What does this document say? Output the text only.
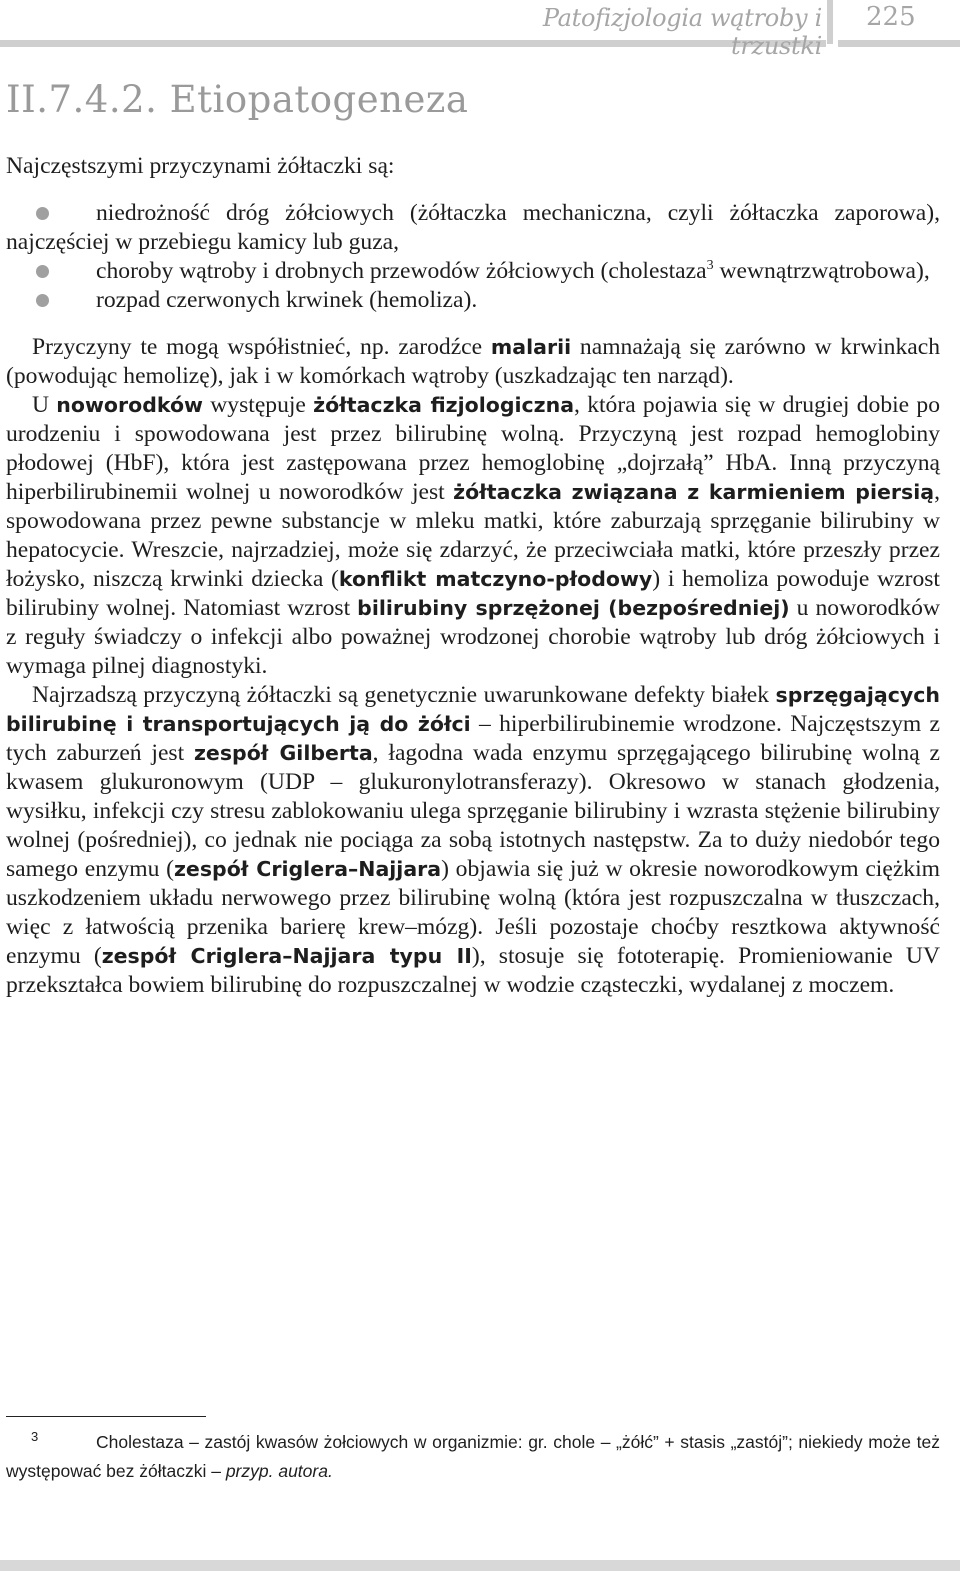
Patofizjologia wątroby i trzustki
225
II.7.4.2. Etiopatogeneza

Najczęstszymi przyczynami żółtaczki są:

niedrożność dróg żółciowych (żółtaczka mechaniczna, czyli żółtaczka zaporowa), najczęściej w przebiegu kamicy lub guza,
choroby wątroby i drobnych przewodów żółciowych (cholestaza$^3$ wewnątrzwątrobowa),
rozpad czerwonych krwinek (hemoliza).

Przyczyny te mogą współistnieć, np. zarodźce malarii namnażają się zarówno w krwinkach (powodując hemolizę), jak i w komórkach wątroby (uszkadzając ten narząd).

U noworodków występuje żółtaczka fizjologiczna, która pojawia się w drugiej dobie po urodzeniu i spowodowana jest przez bilirubinę wolną. Przyczyną jest rozpad hemoglobiny płodowej (HbF), która jest zastępowana przez hemoglobinę „dojrzałą” HbA. Inną przyczyną hiperbilirubinemii wolnej u noworodków jest żółtaczka związana z karmieniem piersią, spowodowana przez pewne substancje w mleku matki, które zaburzają sprzęganie bilirubiny w hepatocycie. Wreszcie, najrzadziej, może się zdarzyć, że przeciwciała matki, które przeszły przez łożysko, niszczą krwinki dziecka (konflikt matczyno-płodowy) i hemoliza powoduje wzrost bilirubiny wolnej. Natomiast wzrost bilirubiny sprzężonej (bezpośredniej) u noworodków z reguły świadczy o infekcji albo poważnej wrodzonej chorobie wątroby lub dróg żółciowych i wymaga pilnej diagnostyki.

Najrzadszą przyczyną żółtaczki są genetycznie uwarunkowane defekty białek sprzęgających bilirubinę i transportujących ją do żółci – hiperbilirubinemie wrodzone. Najczęstszym z tych zaburzeń jest zespół Gilberta, łagodna wada enzymu sprzęgającego bilirubinę wolną z kwasem glukuronowym (UDP – glukuronylotransferazy). Okresowo w stanach głodzenia, wysiłku, infekcji czy stresu zablokowaniu ulega sprzęganie bilirubiny i wzrasta stężenie bilirubiny wolnej (pośredniej), co jednak nie pociąga za sobą istotnych następstw. Za to duży niedobór tego samego enzymu (zespół Criglera–Najjara) objawia się już w okresie noworodkowym ciężkim uszkodzeniem układu nerwowego przez bilirubinę wolną (która jest rozpuszczalna w tłuszczach, więc z łatwością przenika barierę krew–mózg). Jeśli pozostaje choćby resztkowa aktywność enzymu (zespół Criglera–Najjara typu II), stosuje się fototerapię. Promieniowanie UV przekształca bowiem bilirubinę do rozpuszczalnej w wodzie cząsteczki, wydalanej z moczem.

3	Cholestaza – zastój kwasów żołciowych w organizmie: gr. chole – „żółć” + stasis „zastój”; niekiedy może też występować bez żółtaczki – przyp. autora.
